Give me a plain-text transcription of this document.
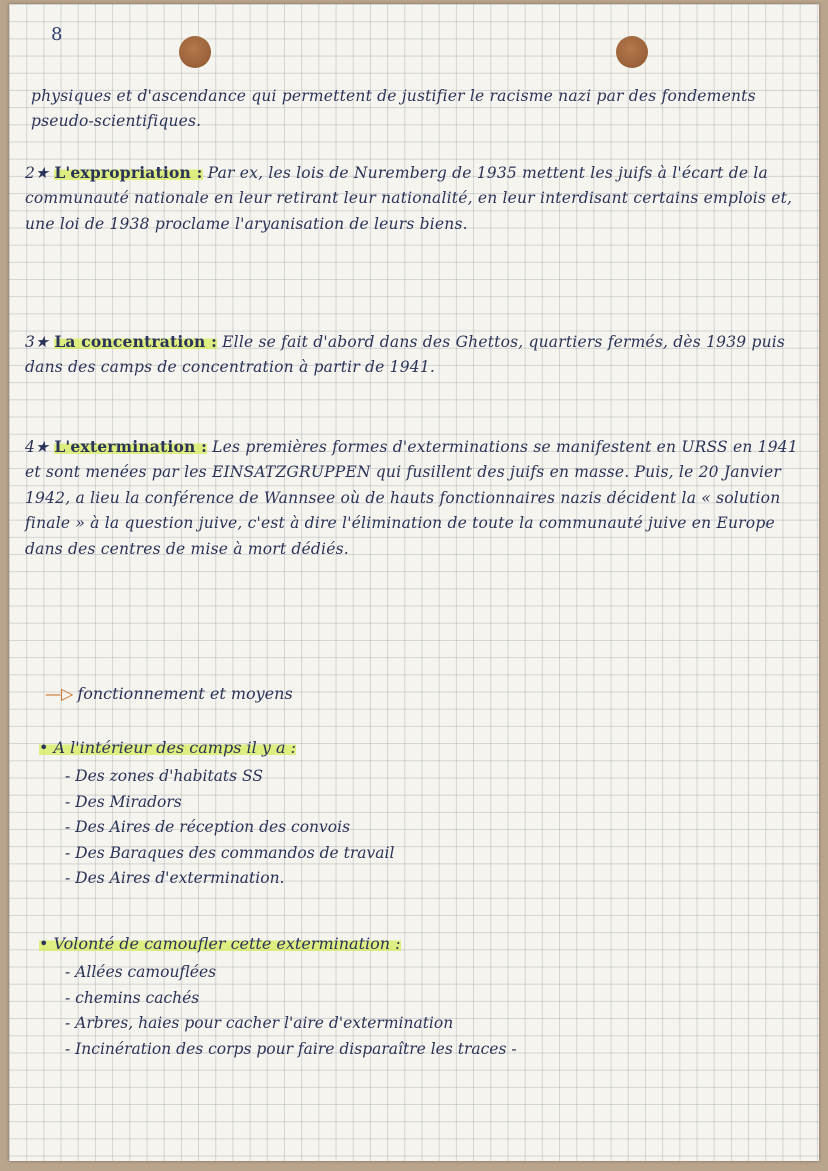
8
physiques et d'ascendance qui permettent de justifier le racisme nazi par des fondements pseudo-scientifiques.
2★ L'expropriation : Par ex, les lois de Nuremberg de 1935 mettent les juifs à l'écart de la communauté nationale en leur retirant leur nationalité, en leur interdisant certains emplois et, une loi de 1938 proclame l'aryanisation de leurs biens.
3★ La concentration : Elle se fait d'abord dans des Ghettos, quartiers fermés, dès 1939 puis dans des camps de concentration à partir de 1941.
4★ L'extermination : Les premières formes d'exterminations se manifestent en URSS en 1941 et sont menées par les EINSATZGRUPPEN qui fusillent des juifs en masse. Puis, le 20 Janvier 1942, a lieu la conférence de Wannsee où de hauts fonctionnaires nazis décident la « solution finale » à la question juive, c'est à dire l'élimination de toute la communauté juive en Europe dans des centres de mise à mort dédiés.
—▷ fonctionnement et moyens
• A l'intérieur des camps il y a :
- Des zones d'habitats SS
- Des Miradors
- Des Aires de réception des convois
- Des Baraques des commandos de travail
- Des Aires d'extermination.
• Volonté de camoufler cette extermination :
- Allées camouflées
- chemins cachés
- Arbres, haies pour cacher l'aire d'extermination
- Incinération des corps pour faire disparaître les traces -
